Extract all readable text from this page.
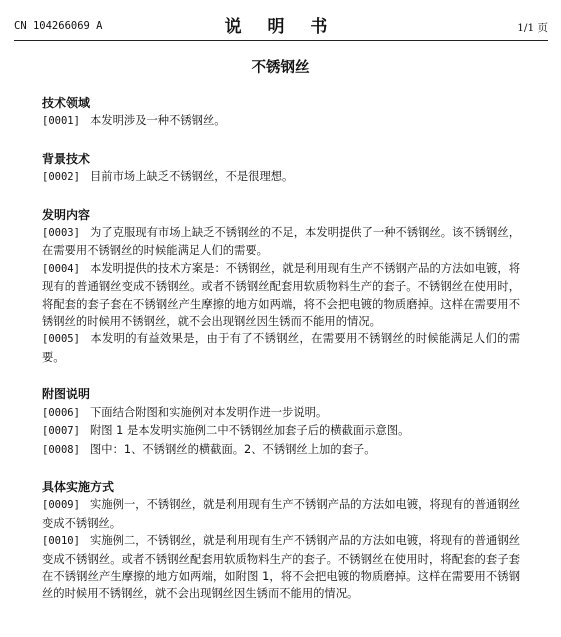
CN 104266069 A	说 明 书	1/1 页
不锈钢丝

技术领域

[0001] 本发明涉及一种不锈钢丝。

背景技术

[0002] 目前市场上缺乏不锈钢丝，不是很理想。

发明内容

[0003] 为了克服现有市场上缺乏不锈钢丝的不足，本发明提供了一种不锈钢丝。该不锈钢丝，在需要用不锈钢丝的时候能满足人们的需要。

[0004] 本发明提供的技术方案是：不锈钢丝，就是利用现有生产不锈钢产品的方法如电镀，将现有的普通钢丝变成不锈钢丝。或者不锈钢丝配套用软质物料生产的套子。不锈钢丝在使用时，将配套的套子套在不锈钢丝产生摩擦的地方如两端，将不会把电镀的物质磨掉。这样在需要用不锈钢丝的时候用不锈钢丝，就不会出现钢丝因生锈而不能用的情况。

[0005] 本发明的有益效果是，由于有了不锈钢丝，在需要用不锈钢丝的时候能满足人们的需要。

附图说明

[0006] 下面结合附图和实施例对本发明作进一步说明。

[0007] 附图 1 是本发明实施例二中不锈钢丝加套子后的横截面示意图。

[0008] 图中：1、不锈钢丝的横截面。2、不锈钢丝上加的套子。

具体实施方式

[0009] 实施例一，不锈钢丝，就是利用现有生产不锈钢产品的方法如电镀，将现有的普通钢丝变成不锈钢丝。

[0010] 实施例二，不锈钢丝，就是利用现有生产不锈钢产品的方法如电镀，将现有的普通钢丝变成不锈钢丝。或者不锈钢丝配套用软质物料生产的套子。不锈钢丝在使用时，将配套的套子套在不锈钢丝产生摩擦的地方如两端，如附图 1，将不会把电镀的物质磨掉。这样在需要用不锈钢丝的时候用不锈钢丝，就不会出现钢丝因生锈而不能用的情况。
